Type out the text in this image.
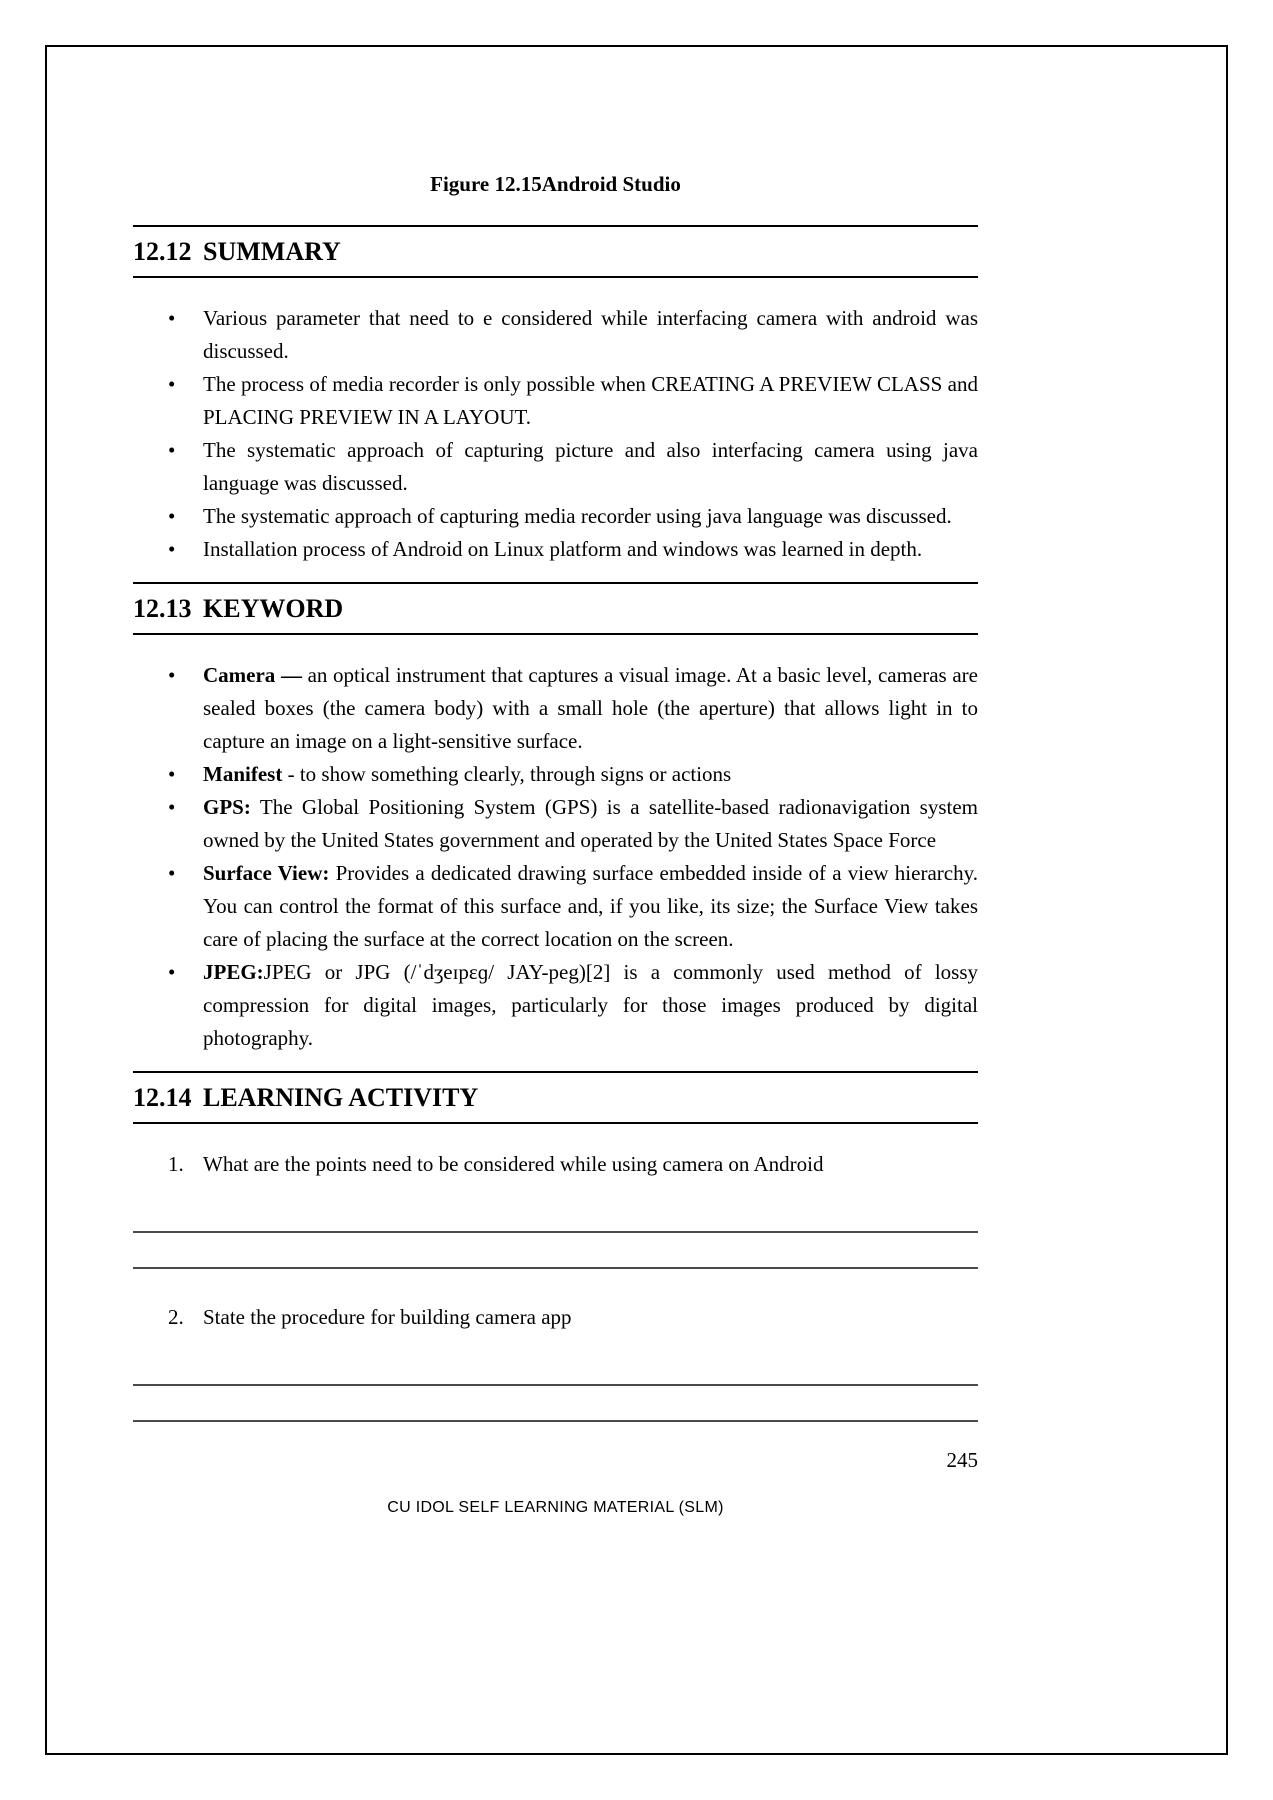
Figure 12.15Android Studio
12.12 SUMMARY
• Various parameter that need to e considered while interfacing camera with android was discussed.
• The process of media recorder is only possible when CREATING A PREVIEW CLASS and PLACING PREVIEW IN A LAYOUT.
• The systematic approach of capturing picture and also interfacing camera using java language was discussed.
• The systematic approach of capturing media recorder using java language was discussed.
• Installation process of Android on Linux platform and windows was learned in depth.
12.13 KEYWORD
• Camera — an optical instrument that captures a visual image. At a basic level, cameras are sealed boxes (the camera body) with a small hole (the aperture) that allows light in to capture an image on a light-sensitive surface.
• Manifest - to show something clearly, through signs or actions
• GPS: The Global Positioning System (GPS) is a satellite-based radionavigation system owned by the United States government and operated by the United States Space Force
• Surface View: Provides a dedicated drawing surface embedded inside of a view hierarchy. You can control the format of this surface and, if you like, its size; the Surface View takes care of placing the surface at the correct location on the screen.
• JPEG:JPEG or JPG (/ˈdʒeɪpɛɡ/ JAY-peg)[2] is a commonly used method of lossy compression for digital images, particularly for those images produced by digital photography.
12.14 LEARNING ACTIVITY
1. What are the points need to be considered while using camera on Android
2. State the procedure for building camera app
245
CU IDOL SELF LEARNING MATERIAL (SLM)
